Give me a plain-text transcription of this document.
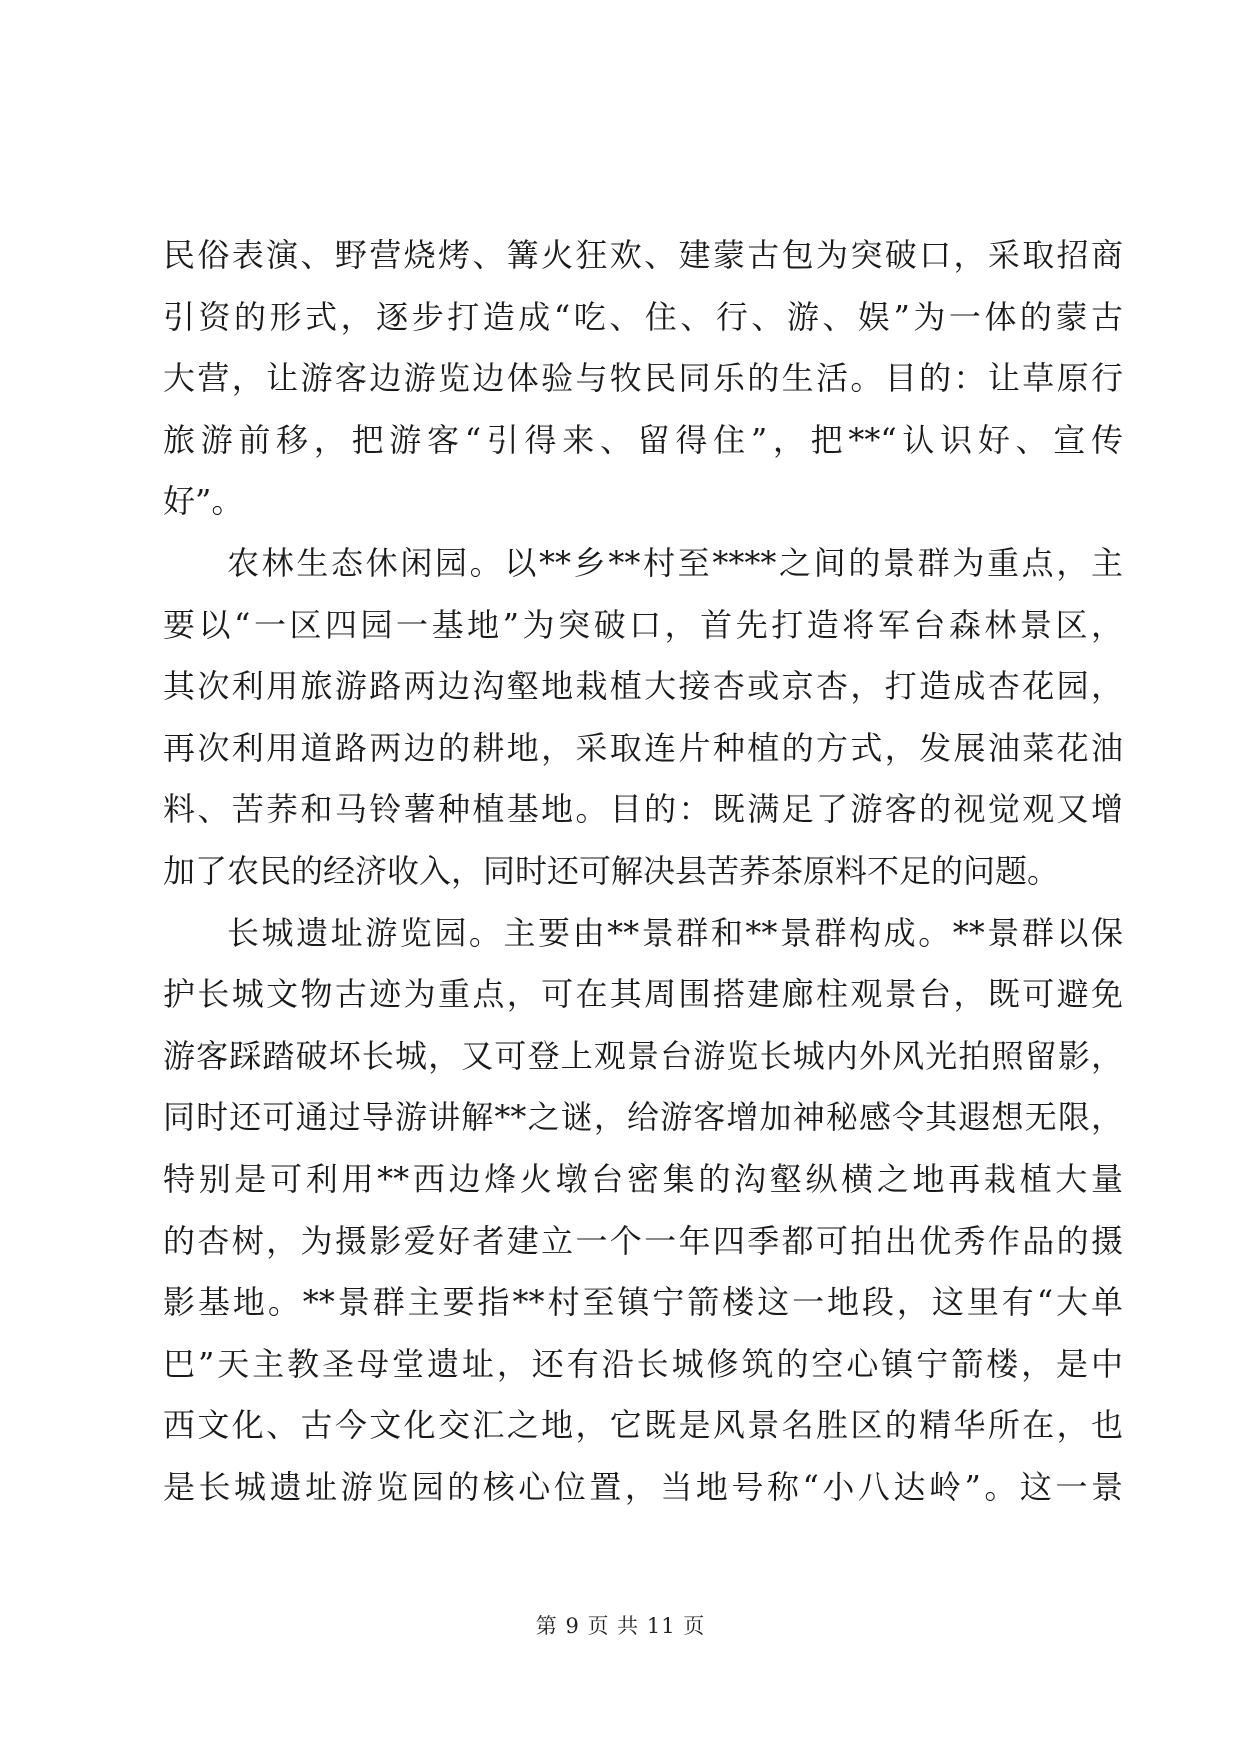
民俗表演、野营烧烤、篝火狂欢、建蒙古包为突破口，采取招商
引资的形式，逐步打造成“吃、住、行、游、娱”为一体的蒙古
大营，让游客边游览边体验与牧民同乐的生活。目的：让草原行
旅游前移，把游客“引得来、留得住”，把**“认识好、宣传
好”。
农林生态休闲园。以**乡**村至****之间的景群为重点，主
要以“一区四园一基地”为突破口，首先打造将军台森林景区，
其次利用旅游路两边沟壑地栽植大接杏或京杏，打造成杏花园，
再次利用道路两边的耕地，采取连片种植的方式，发展油菜花油
料、苦荞和马铃薯种植基地。目的：既满足了游客的视觉观又增
加了农民的经济收入，同时还可解决县苦荞茶原料不足的问题。
长城遗址游览园。主要由**景群和**景群构成。**景群以保
护长城文物古迹为重点，可在其周围搭建廊柱观景台，既可避免
游客踩踏破坏长城，又可登上观景台游览长城内外风光拍照留影，
同时还可通过导游讲解**之谜，给游客增加神秘感令其遐想无限，
特别是可利用**西边烽火墩台密集的沟壑纵横之地再栽植大量
的杏树，为摄影爱好者建立一个一年四季都可拍出优秀作品的摄
影基地。**景群主要指**村至镇宁箭楼这一地段，这里有“大单
巴”天主教圣母堂遗址，还有沿长城修筑的空心镇宁箭楼，是中
西文化、古今文化交汇之地，它既是风景名胜区的精华所在，也
是长城遗址游览园的核心位置，当地号称“小八达岭”。这一景
第 9 页 共 11 页
